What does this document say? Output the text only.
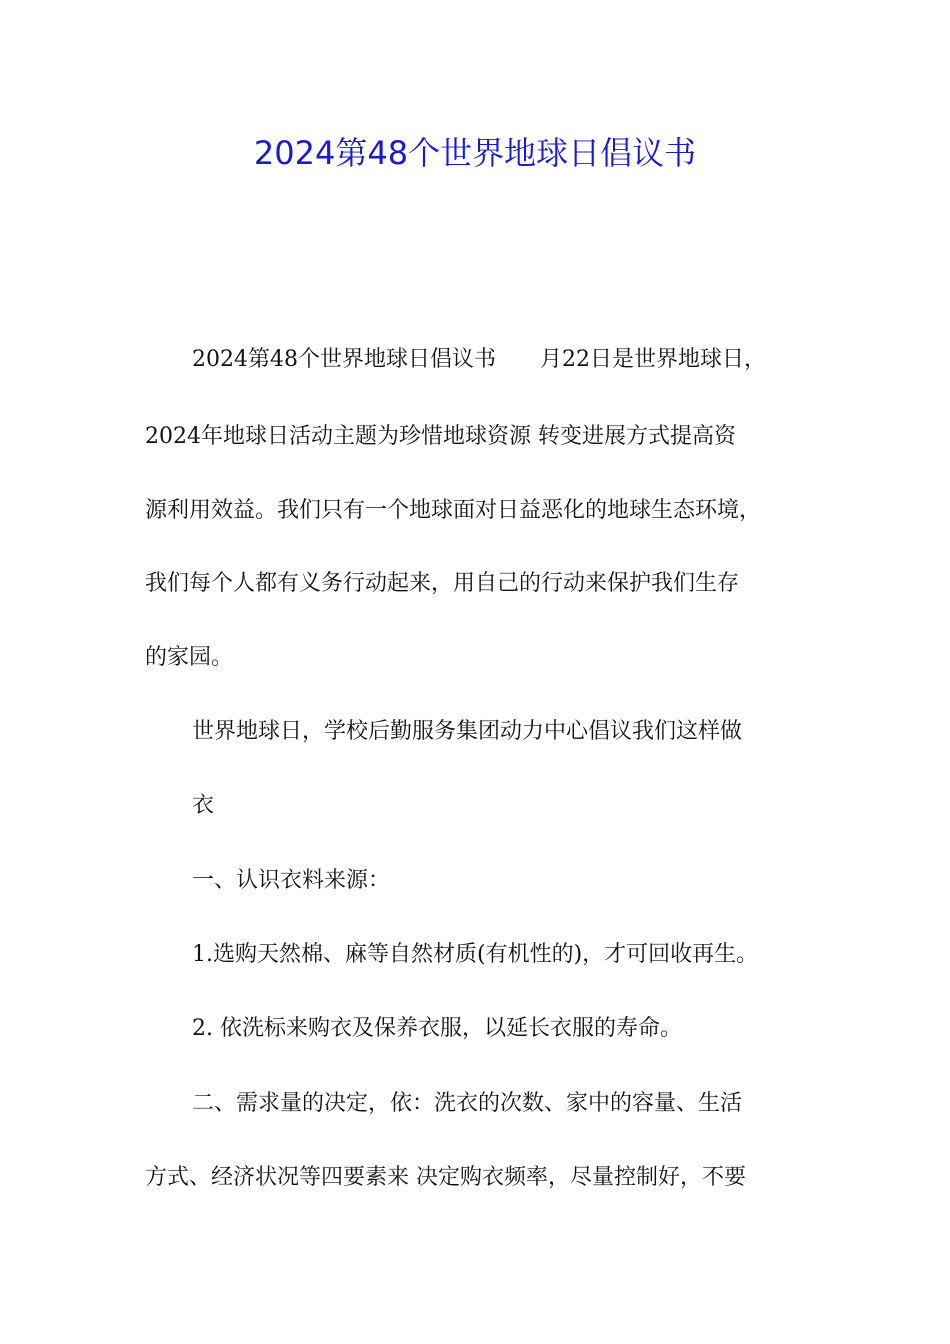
2024第48个世界地球日倡议书

2024第48个世界地球日倡议书　　月22日是世界地球日，

2024年地球日活动主题为珍惜地球资源 转变进展方式提高资

源利用效益。我们只有一个地球面对日益恶化的地球生态环境，

我们每个人都有义务行动起来，用自己的行动来保护我们生存

的家园。

世界地球日，学校后勤服务集团动力中心倡议我们这样做

衣

一、认识衣料来源：

1.选购天然棉、麻等自然材质(有机性的)，才可回收再生。

2. 依洗标来购衣及保养衣服，以延长衣服的寿命。

二、需求量的决定，依：洗衣的次数、家中的容量、生活

方式、经济状况等四要素来 决定购衣频率，尽量控制好，不要
